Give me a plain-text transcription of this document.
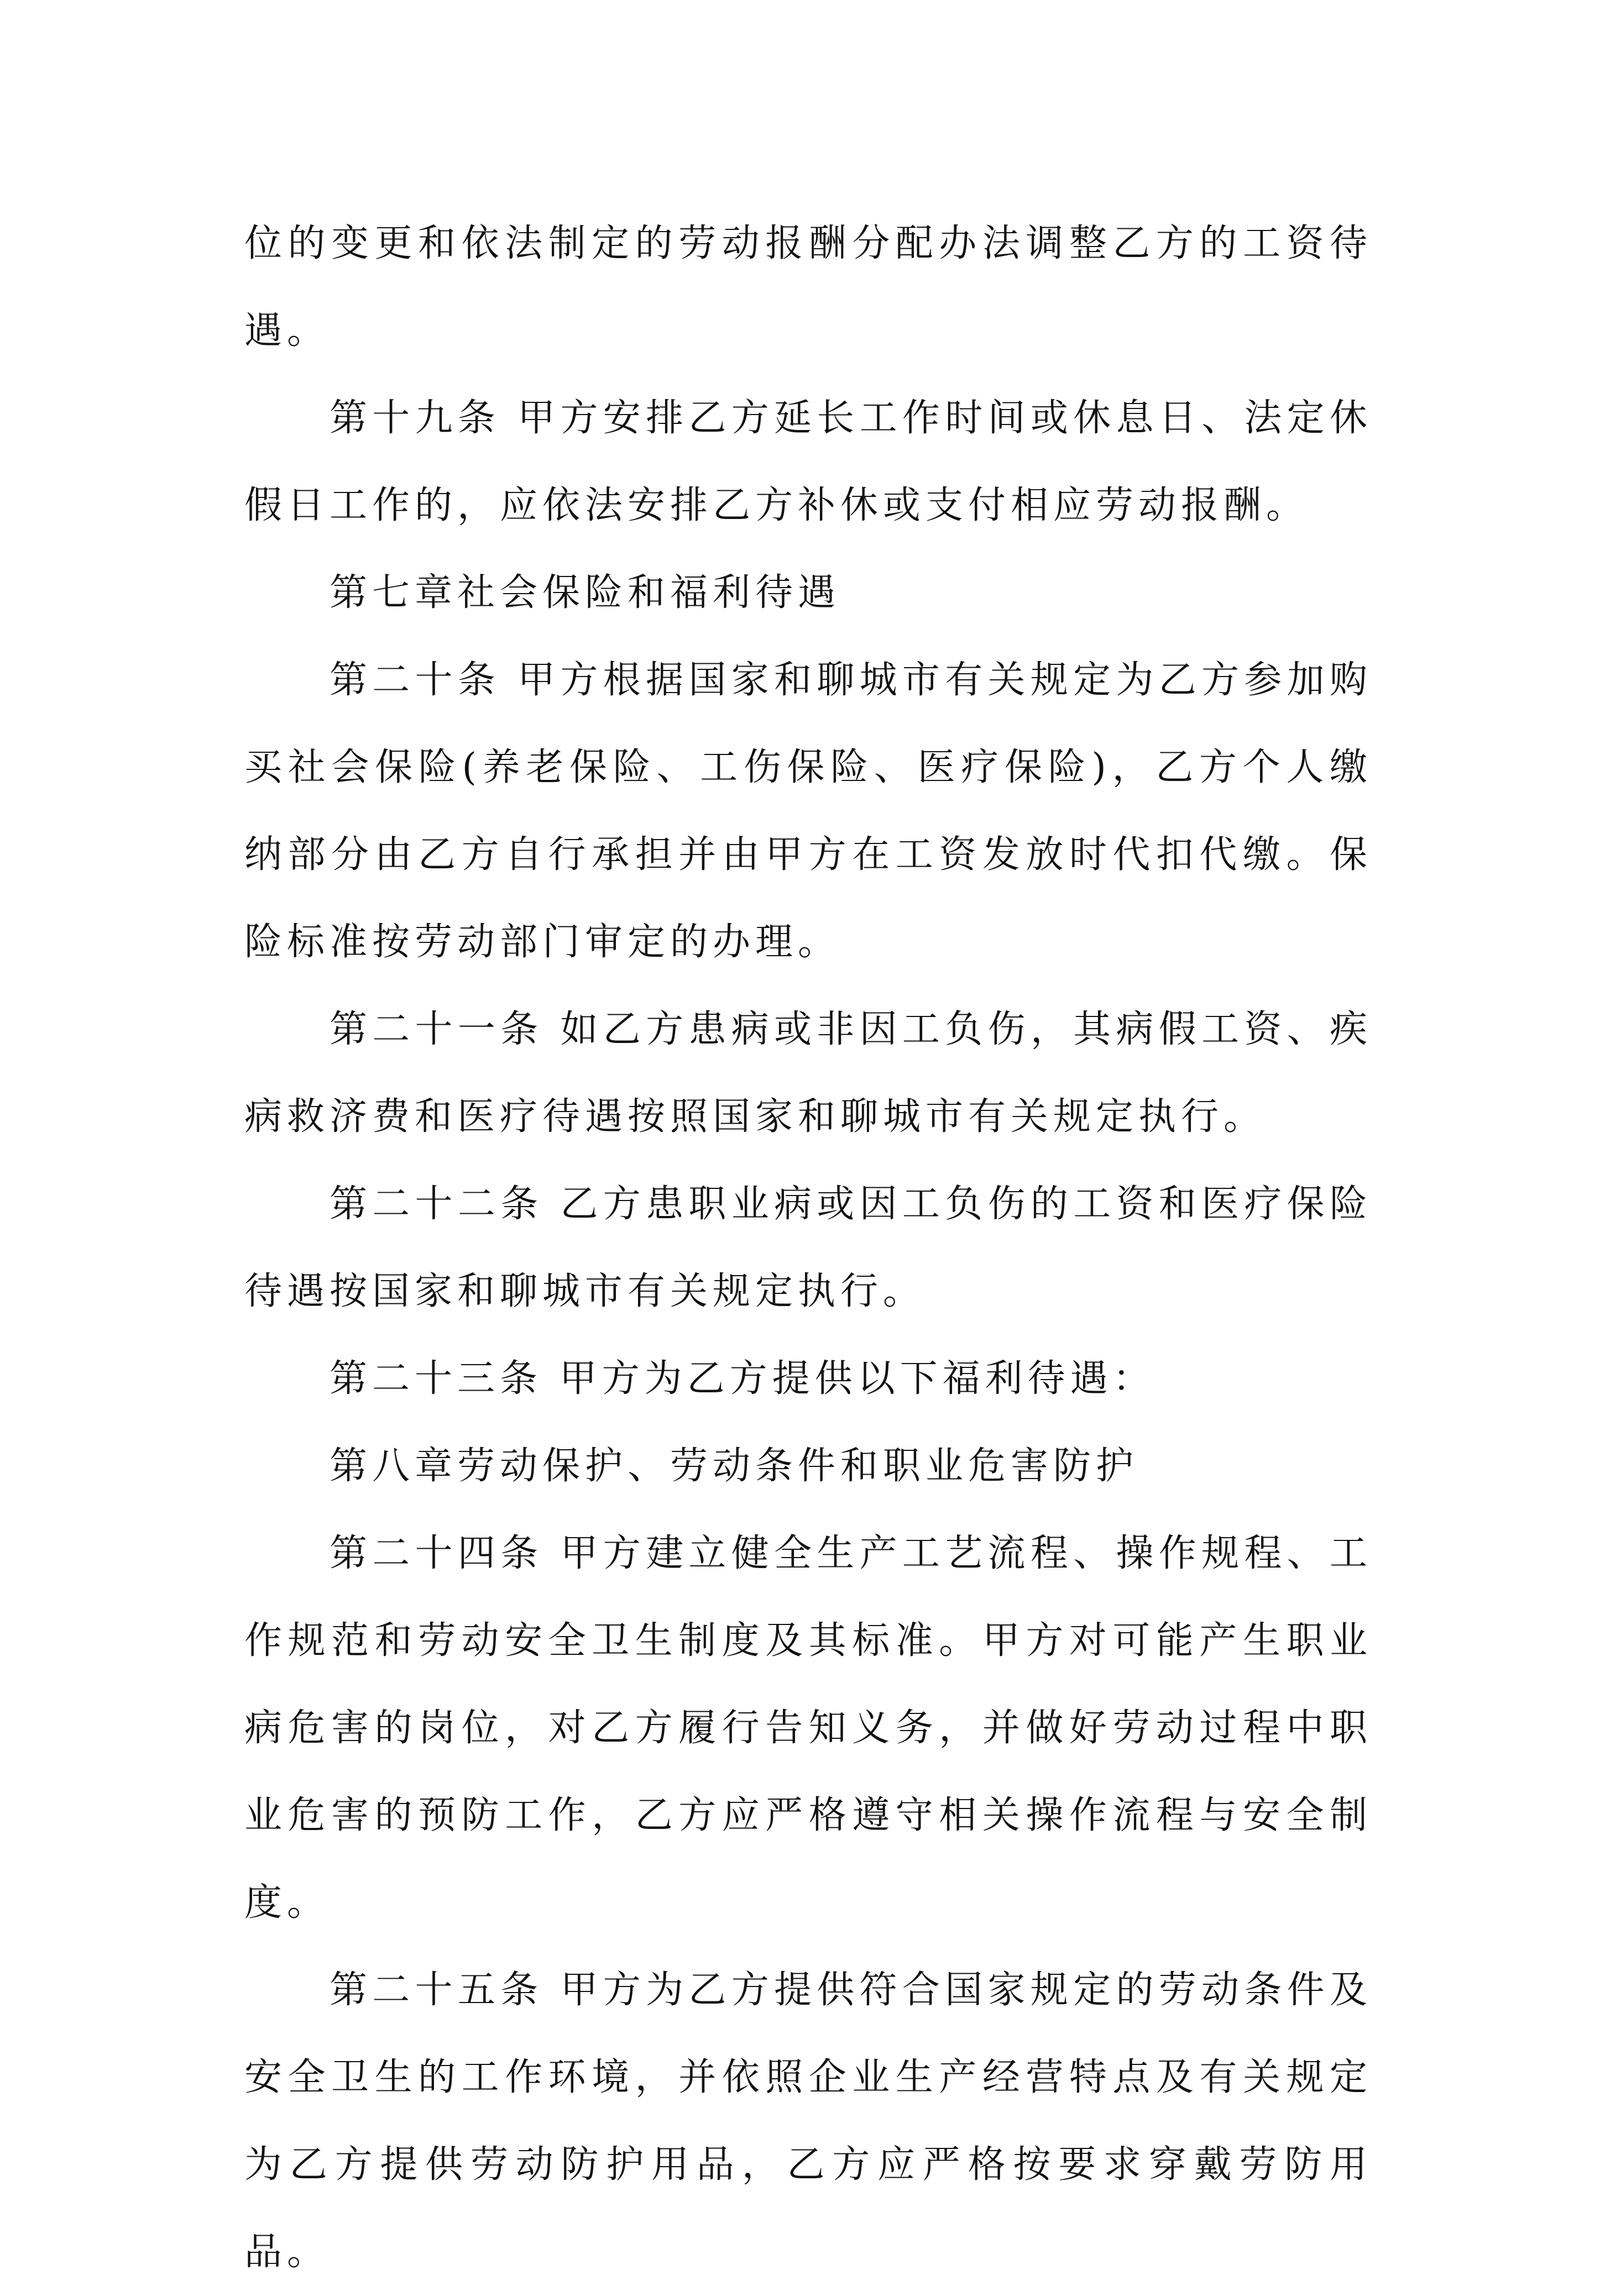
位的变更和依法制定的劳动报酬分配办法调整乙方的工资待遇。

第十九条 甲方安排乙方延长工作时间或休息日、法定休假日工作的，应依法安排乙方补休或支付相应劳动报酬。

第七章社会保险和福利待遇

第二十条 甲方根据国家和聊城市有关规定为乙方参加购买社会保险(养老保险、工伤保险、医疗保险)，乙方个人缴纳部分由乙方自行承担并由甲方在工资发放时代扣代缴。保险标准按劳动部门审定的办理。

第二十一条 如乙方患病或非因工负伤，其病假工资、疾病救济费和医疗待遇按照国家和聊城市有关规定执行。

第二十二条 乙方患职业病或因工负伤的工资和医疗保险待遇按国家和聊城市有关规定执行。

第二十三条 甲方为乙方提供以下福利待遇：

第八章劳动保护、劳动条件和职业危害防护

第二十四条 甲方建立健全生产工艺流程、操作规程、工作规范和劳动安全卫生制度及其标准。甲方对可能产生职业病危害的岗位，对乙方履行告知义务，并做好劳动过程中职业危害的预防工作，乙方应严格遵守相关操作流程与安全制度。

第二十五条 甲方为乙方提供符合国家规定的劳动条件及安全卫生的工作环境，并依照企业生产经营特点及有关规定为乙方提供劳动防护用品，乙方应严格按要求穿戴劳防用品。
